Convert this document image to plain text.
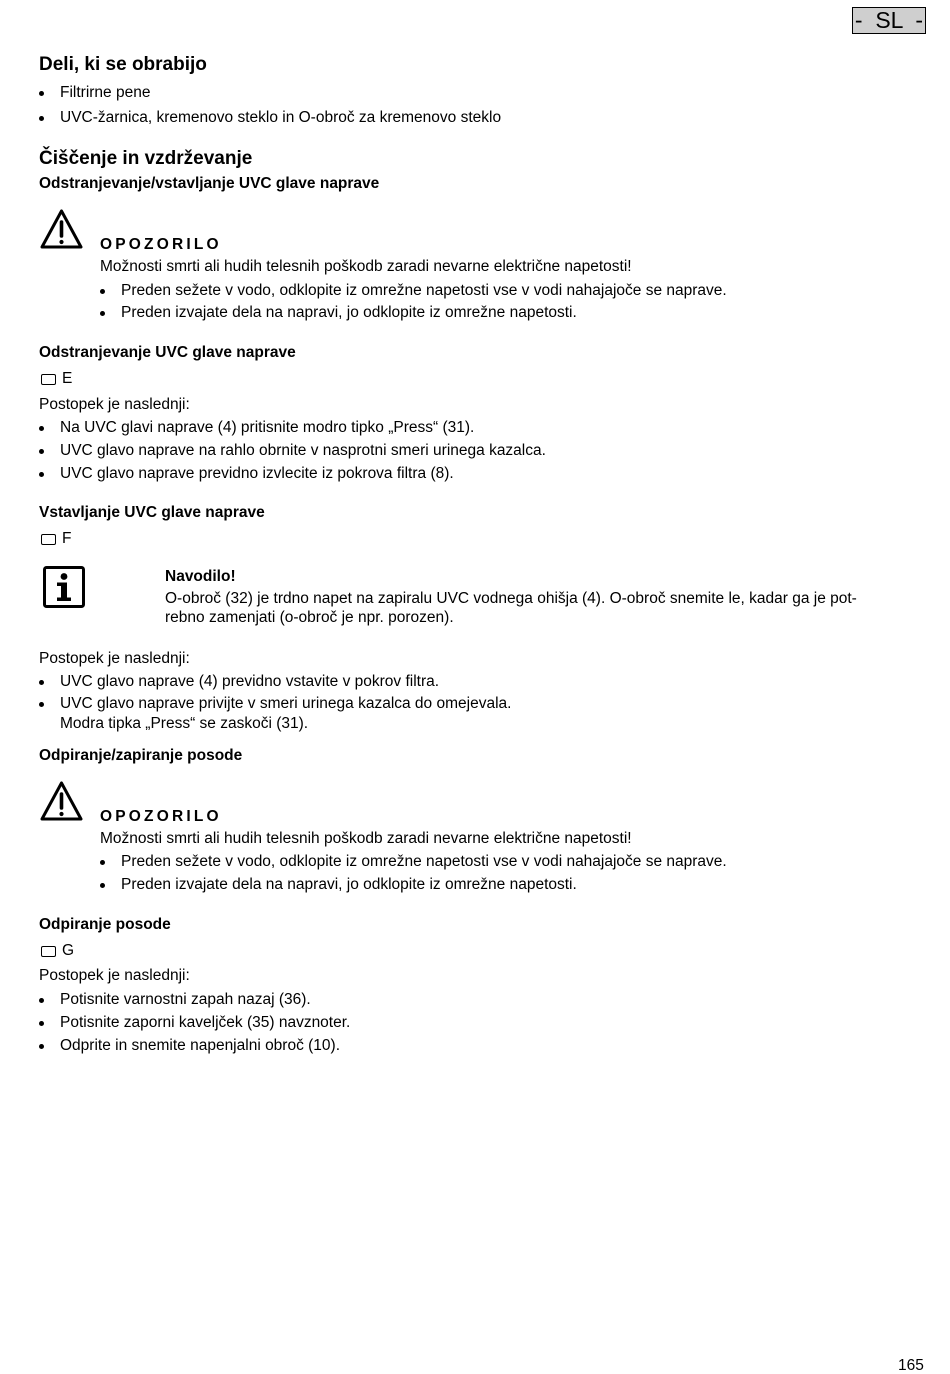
-  SL  -
Deli, ki se obrabijo
Filtrirne pene
UVC-žarnica, kremenovo steklo in O-obroč za kremenovo steklo
Čiščenje in vzdrževanje
Odstranjevanje/vstavljanje UVC glave naprave
OPOZORILO
Možnosti smrti ali hudih telesnih poškodb zaradi nevarne električne napetosti!
Preden sežete v vodo, odklopite iz omrežne napetosti vse v vodi nahajajoče se naprave.
Preden izvajate dela na napravi, jo odklopite iz omrežne napetosti.
Odstranjevanje UVC glave naprave
E
Postopek je naslednji:
Na UVC glavi naprave (4) pritisnite modro tipko „Press“ (31).
UVC glavo naprave na rahlo obrnite v nasprotni smeri urinega kazalca.
UVC glavo naprave previdno izvlecite iz pokrova filtra (8).
Vstavljanje UVC glave naprave
F
Navodilo!
O-obroč (32) je trdno napet na zapiralu UVC vodnega ohišja (4). O-obroč snemite le, kadar ga je pot-
rebno zamenjati (o-obroč je npr. porozen).
Postopek je naslednji:
UVC glavo naprave (4) previdno vstavite v pokrov filtra.
UVC glavo naprave privijte v smeri urinega kazalca do omejevala.
Modra tipka „Press“ se zaskoči (31).
Odpiranje/zapiranje posode
OPOZORILO
Možnosti smrti ali hudih telesnih poškodb zaradi nevarne električne napetosti!
Preden sežete v vodo, odklopite iz omrežne napetosti vse v vodi nahajajoče se naprave.
Preden izvajate dela na napravi, jo odklopite iz omrežne napetosti.
Odpiranje posode
G
Postopek je naslednji:
Potisnite varnostni zapah nazaj (36).
Potisnite zaporni kaveljček (35) navznoter.
Odprite in snemite napenjalni obroč (10).
165
